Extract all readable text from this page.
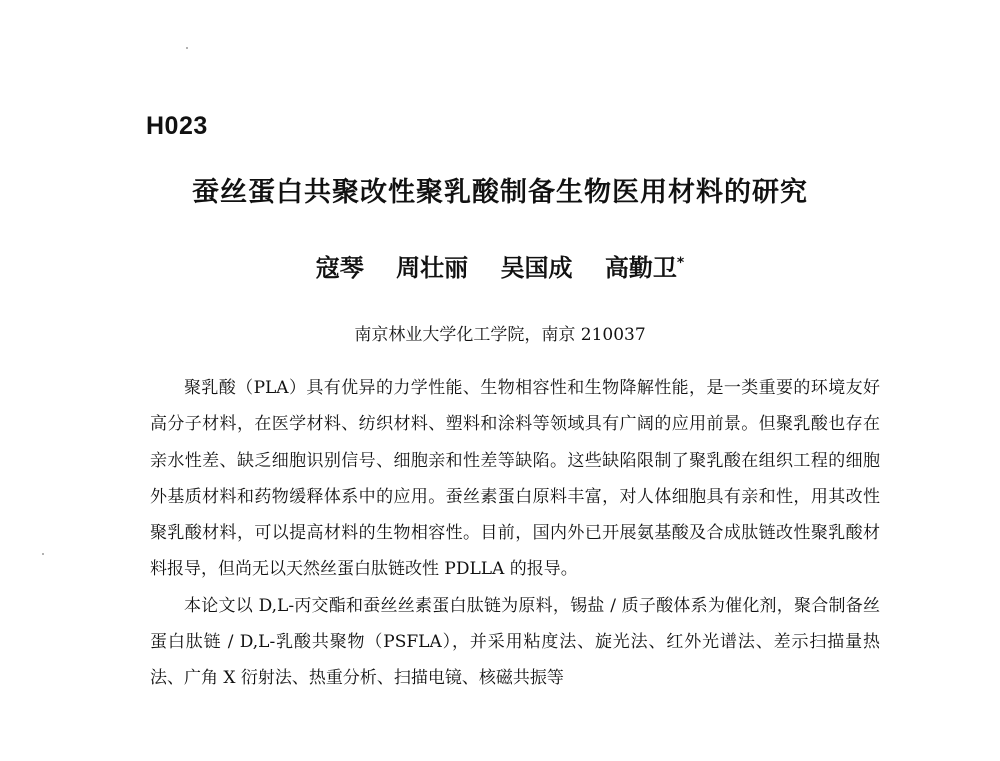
H023
蚕丝蛋白共聚改性聚乳酸制备生物医用材料的研究
寇琴 周壮丽 吴国成 高勤卫*
南京林业大学化工学院，南京 210037

聚乳酸（PLA）具有优异的力学性能、生物相容性和生物降解性能，是一类重要的环境友好高分子材料，在医学材料、纺织材料、塑料和涂料等领域具有广阔的应用前景。但聚乳酸也存在亲水性差、缺乏细胞识别信号、细胞亲和性差等缺陷。这些缺陷限制了聚乳酸在组织工程的细胞外基质材料和药物缓释体系中的应用。蚕丝素蛋白原料丰富，对人体细胞具有亲和性，用其改性聚乳酸材料，可以提高材料的生物相容性。目前，国内外已开展氨基酸及合成肽链改性聚乳酸材料报导，但尚无以天然丝蛋白肽链改性 PDLLA 的报导。

本论文以 D,L-丙交酯和蚕丝丝素蛋白肽链为原料，锡盐 / 质子酸体系为催化剂，聚合制备丝蛋白肽链 / D,L-乳酸共聚物（PSFLA），并采用粘度法、旋光法、红外光谱法、差示扫描量热法、广角 X 衍射法、热重分析、扫描电镜、核磁共振等
